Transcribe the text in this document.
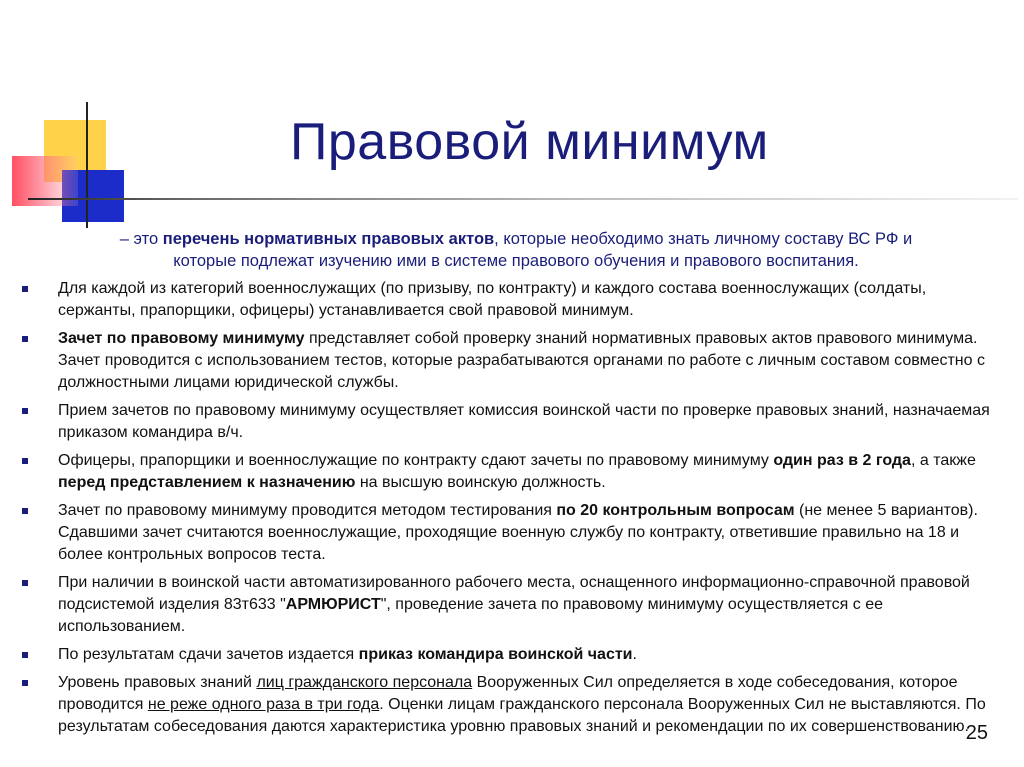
Правовой минимум
– это перечень нормативных правовых актов, которые необходимо знать личному составу ВС РФ и
которые подлежат изучению ими в системе правового обучения и правового воспитания.
Для каждой из категорий военнослужащих (по призыву, по контракту) и каждого состава военнослужащих (солдаты, сержанты, прапорщики, офицеры) устанавливается свой правовой минимум.
Зачет по правовому минимуму представляет собой проверку знаний нормативных правовых актов правового минимума. Зачет проводится с использованием тестов, которые разрабатываются органами по работе с личным составом совместно с должностными лицами юридической службы.
Прием зачетов по правовому минимуму осуществляет комиссия воинской части по проверке правовых знаний, назначаемая приказом командира в/ч.
Офицеры, прапорщики и военнослужащие по контракту сдают зачеты по правовому минимуму один раз в 2 года, а также перед представлением к назначению на высшую воинскую должность.
Зачет по правовому минимуму проводится методом тестирования по 20 контрольным вопросам (не менее 5 вариантов). Сдавшими зачет считаются военнослужащие, проходящие военную службу по контракту, ответившие правильно на 18 и более контрольных вопросов теста.
При наличии в воинской части автоматизированного рабочего места, оснащенного информационно-справочной правовой подсистемой изделия 83т633 "АРМЮРИСТ", проведение зачета по правовому минимуму осуществляется с ее использованием.
По результатам сдачи зачетов издается приказ командира воинской части.
Уровень правовых знаний лиц гражданского персонала Вооруженных Сил определяется в ходе собеседования, которое проводится не реже одного раза в три года. Оценки лицам гражданского персонала Вооруженных Сил не выставляются. По результатам собеседования даются характеристика уровню правовых знаний и рекомендации по их совершенствованию.
25
